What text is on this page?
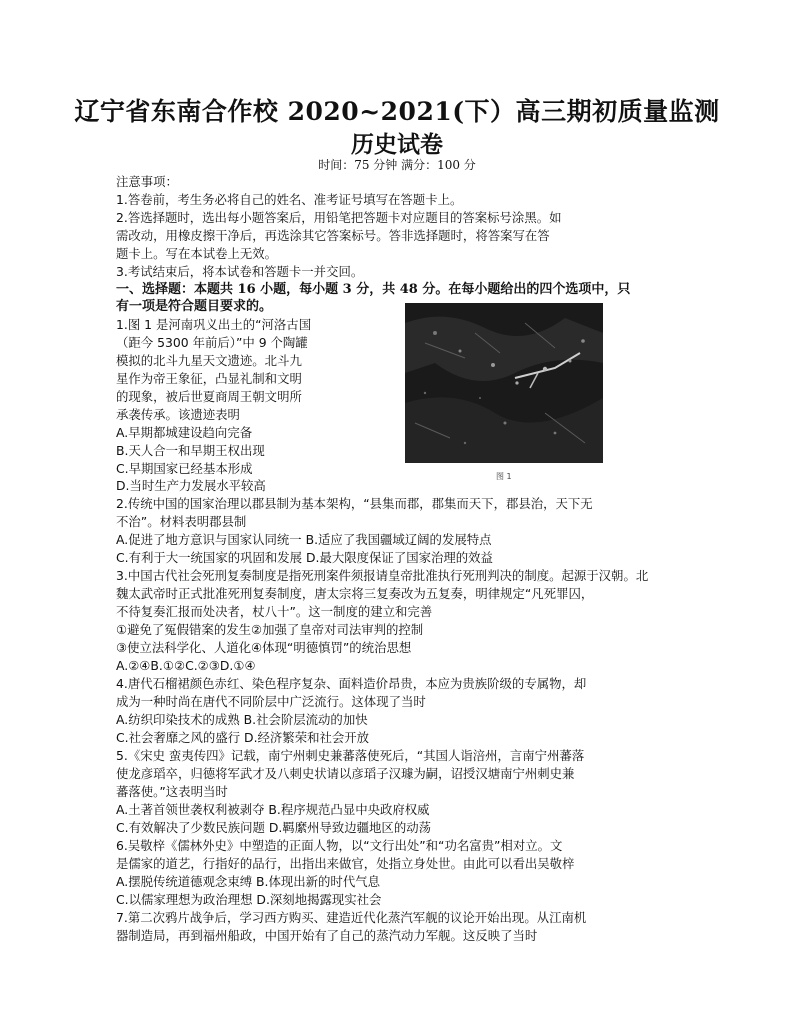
辽宁省东南合作校 2020~2021(下）高三期初质量监测
历史试卷
时间：75 分钟 满分：100 分
注意事项：
1.答卷前，考生务必将自己的姓名、准考证号填写在答题卡上。
2.答选择题时，选出每小题答案后，用铅笔把答题卡对应题目的答案标号涂黑。如
需改动，用橡皮擦干净后，再选涂其它答案标号。答非选择题时，将答案写在答
题卡上。写在本试卷上无效。
3.考试结束后，将本试卷和答题卡一并交回。
一、选择题：本题共 16 小题，每小题 3 分，共 48 分。在每小题给出的四个选项中，只
有一项是符合题目要求的。
1.图 1 是河南巩义出土的“河洛古国
（距今 5300 年前后）”中 9 个陶罐
模拟的北斗九星天文遗迹。北斗九
星作为帝王象征，凸显礼制和文明
的现象，被后世夏商周王朝文明所
承袭传承。该遗迹表明
A.早期都城建设趋向完备
B.天人合一和早期王权出现
C.早期国家已经基本形成
D.当时生产力发展水平较高
图 1
2.传统中国的国家治理以郡县制为基本架构，“县集而郡，郡集而天下，郡县治，天下无
不治”。材料表明郡县制
A.促进了地方意识与国家认同统一 B.适应了我国疆域辽阔的发展特点
C.有利于大一统国家的巩固和发展 D.最大限度保证了国家治理的效益
3.中国古代社会死刑复奏制度是指死刑案件须报请皇帝批准执行死刑判决的制度。起源于汉朝。北
魏太武帝时正式批准死刑复奏制度，唐太宗将三复奏改为五复奏，明律规定“凡死罪囚，
不待复奏汇报而处决者，杖八十”。这一制度的建立和完善
①避免了冤假错案的发生②加强了皇帝对司法审判的控制
③使立法科学化、人道化④体现“明德慎罚”的统治思想
A.②④B.①②C.②③D.①④
4.唐代石榴裙颜色赤红、染色程序复杂、面料造价昂贵，本应为贵族阶级的专属物，却
成为一种时尚在唐代不同阶层中广泛流行。这体现了当时
A.纺织印染技术的成熟 B.社会阶层流动的加快
C.社会奢靡之风的盛行 D.经济繁荣和社会开放
5.《宋史 蛮夷传四》记载，南宁州刺史兼蕃落使死后，“其国人诣涪州，言南宁州蕃落
使龙彦瑫卒，归德将军武才及八刺史状请以彦瑫子汉璩为嗣，诏授汉塘南宁州刺史兼
蕃落使。”这表明当时
A.土著首领世袭权利被剥夺 B.程序规范凸显中央政府权威
C.有效解决了少数民族问题 D.羁縻州导致边疆地区的动荡
6.吴敬梓《儒林外史》中塑造的正面人物，以“文行出处”和“功名富贵”相对立。文
是儒家的道艺，行指好的品行，出指出来做官，处指立身处世。由此可以看出吴敬梓
A.摆脱传统道德观念束缚 B.体现出新的时代气息
C.以儒家理想为政治理想 D.深刻地揭露现实社会
7.第二次鸦片战争后，学习西方购买、建造近代化蒸汽军舰的议论开始出现。从江南机
器制造局，再到福州船政，中国开始有了自己的蒸汽动力军舰。这反映了当时
